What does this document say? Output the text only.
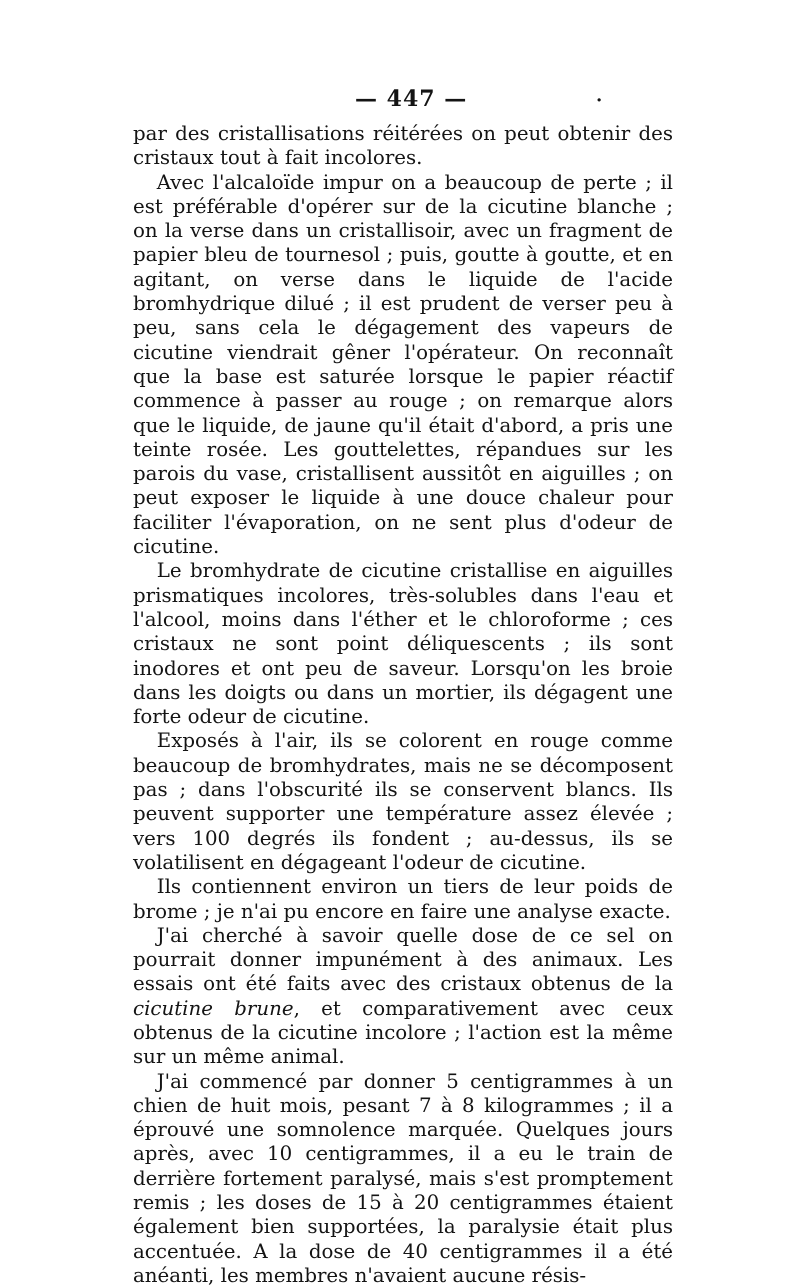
— 447 —	·

par des cristallisations réitérées on peut obtenir des cristaux tout à fait incolores.

Avec l'alcaloïde impur on a beaucoup de perte ; il est préférable d'opérer sur de la cicutine blanche ; on la verse dans un cristallisoir, avec un fragment de papier bleu de tournesol ; puis, goutte à goutte, et en agitant, on verse dans le liquide de l'acide bromhydrique dilué ; il est prudent de verser peu à peu, sans cela le dégagement des vapeurs de cicutine viendrait gêner l'opérateur. On reconnaît que la base est saturée lorsque le papier réactif commence à passer au rouge ; on remarque alors que le liquide, de jaune qu'il était d'abord, a pris une teinte rosée. Les gouttelettes, répandues sur les parois du vase, cristallisent aussitôt en aiguilles ; on peut exposer le liquide à une douce chaleur pour faciliter l'évaporation, on ne sent plus d'odeur de cicutine.

Le bromhydrate de cicutine cristallise en aiguilles prismatiques incolores, très-solubles dans l'eau et l'alcool, moins dans l'éther et le chloroforme ; ces cristaux ne sont point déliquescents ; ils sont inodores et ont peu de saveur. Lorsqu'on les broie dans les doigts ou dans un mortier, ils dégagent une forte odeur de cicutine.

Exposés à l'air, ils se colorent en rouge comme beaucoup de bromhydrates, mais ne se décomposent pas ; dans l'obscurité ils se conservent blancs. Ils peuvent supporter une température assez élevée ; vers 100 degrés ils fondent ; au-dessus, ils se volatilisent en dégageant l'odeur de cicutine.

Ils contiennent environ un tiers de leur poids de brome ; je n'ai pu encore en faire une analyse exacte.

J'ai cherché à savoir quelle dose de ce sel on pourrait donner impunément à des animaux. Les essais ont été faits avec des cristaux obtenus de la cicutine brune, et comparativement avec ceux obtenus de la cicutine incolore ; l'action est la même sur un même animal.

J'ai commencé par donner 5 centigrammes à un chien de huit mois, pesant 7 à 8 kilogrammes ; il a éprouvé une somnolence marquée. Quelques jours après, avec 10 centigrammes, il a eu le train de derrière fortement paralysé, mais s'est promptement remis ; les doses de 15 à 20 centigrammes étaient également bien supportées, la paralysie était plus accentuée. A la dose de 40 centigrammes il a été anéanti, les membres n'avaient aucune résis-
